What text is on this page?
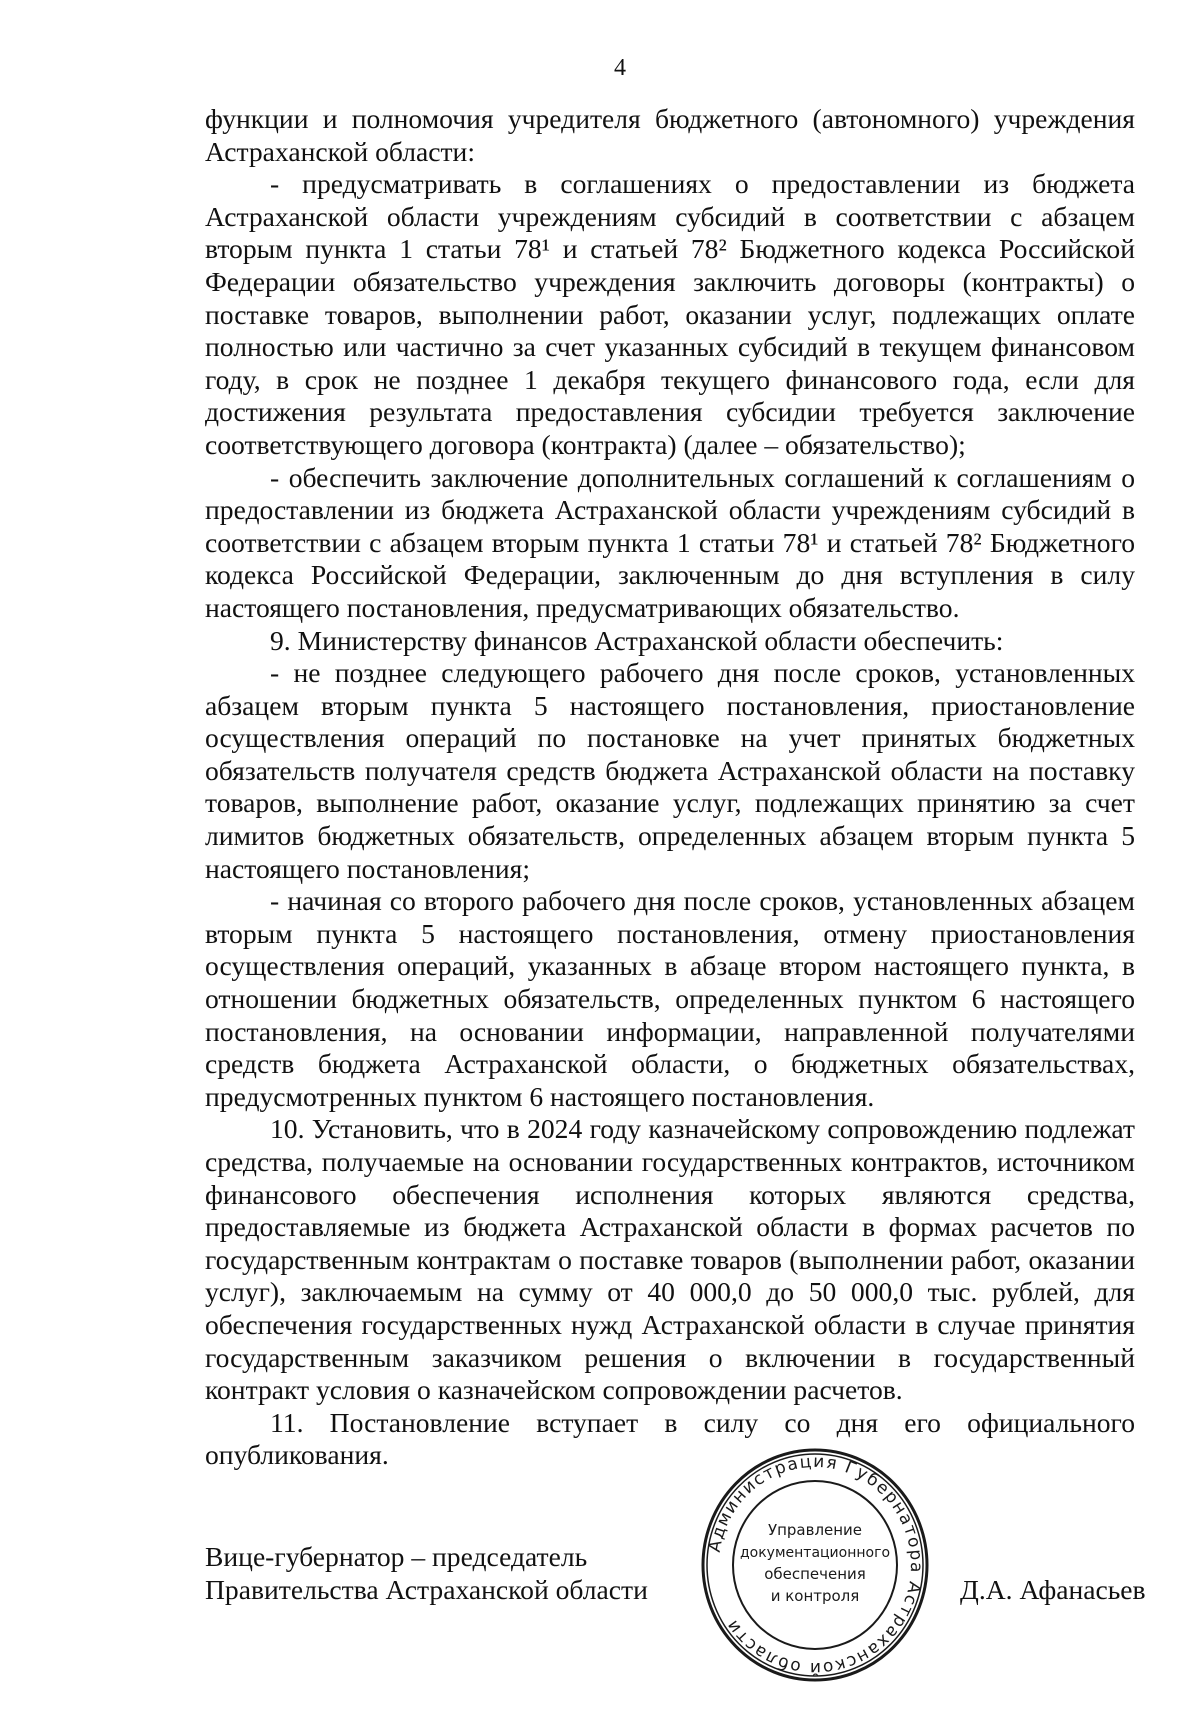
4

функции и полномочия учредителя бюджетного (автономного) учреждения Астраханской области:

- предусматривать в соглашениях о предоставлении из бюджета Астраханской области учреждениям субсидий в соответствии с абзацем вторым пункта 1 статьи 78¹ и статьей 78² Бюджетного кодекса Российской Федерации обязательство учреждения заключить договоры (контракты) о поставке товаров, выполнении работ, оказании услуг, подлежащих оплате полностью или частично за счет указанных субсидий в текущем финансовом году, в срок не позднее 1 декабря текущего финансового года, если для достижения результата предоставления субсидии требуется заключение соответствующего договора (контракта) (далее – обязательство);

- обеспечить заключение дополнительных соглашений к соглашениям о предоставлении из бюджета Астраханской области учреждениям субсидий в соответствии с абзацем вторым пункта 1 статьи 78¹ и статьей 78² Бюджетного кодекса Российской Федерации, заключенным до дня вступления в силу настоящего постановления, предусматривающих обязательство.

9. Министерству финансов Астраханской области обеспечить:

- не позднее следующего рабочего дня после сроков, установленных абзацем вторым пункта 5 настоящего постановления, приостановление осуществления операций по постановке на учет принятых бюджетных обязательств получателя средств бюджета Астраханской области на поставку товаров, выполнение работ, оказание услуг, подлежащих принятию за счет лимитов бюджетных обязательств, определенных абзацем вторым пункта 5 настоящего постановления;

- начиная со второго рабочего дня после сроков, установленных абзацем вторым пункта 5 настоящего постановления, отмену приостановления осуществления операций, указанных в абзаце втором настоящего пункта, в отношении бюджетных обязательств, определенных пунктом 6 настоящего постановления, на основании информации, направленной получателями средств бюджета Астраханской области, о бюджетных обязательствах, предусмотренных пунктом 6 настоящего постановления.

10. Установить, что в 2024 году казначейскому сопровождению подлежат средства, получаемые на основании государственных контрактов, источником финансового обеспечения исполнения которых являются средства, предоставляемые из бюджета Астраханской области в формах расчетов по государственным контрактам о поставке товаров (выполнении работ, оказании услуг), заключаемым на сумму от 40 000,0 до 50 000,0 тыс. рублей, для обеспечения государственных нужд Астраханской области в случае принятия государственным заказчиком решения о включении в государственный контракт условия о казначейском сопровождении расчетов.

11. Постановление вступает в силу со дня его официального опубликования.

Вице-губернатор – председатель
Правительства Астраханской области
Администрация Губернатора Астраханской области
Управление
документационного
обеспечения
и контроля	Д.А. Афанасьев
